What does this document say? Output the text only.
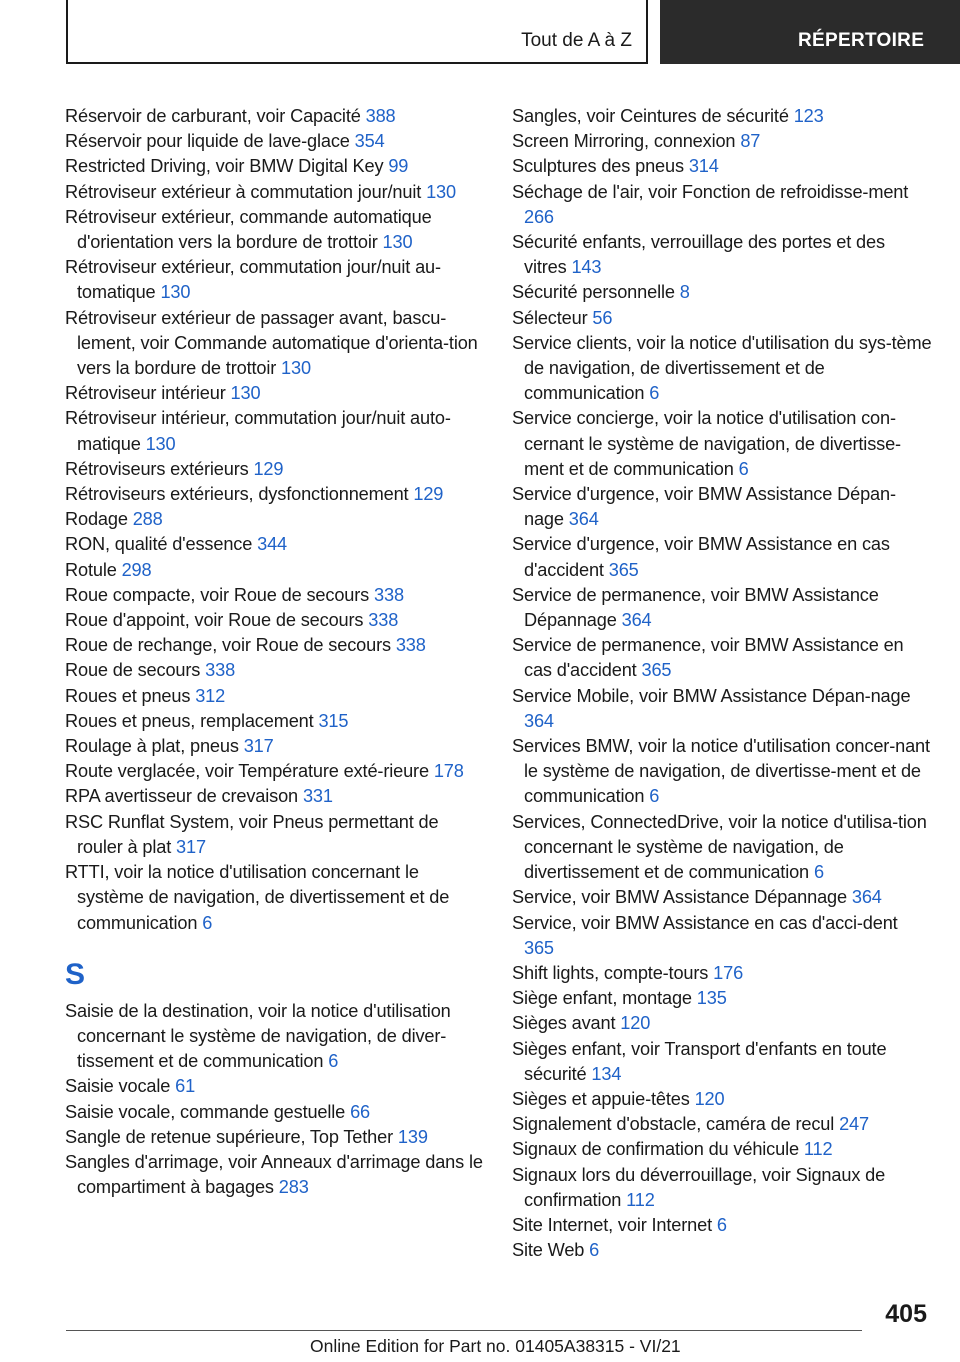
Tout de A à Z	RÉPERTOIRE
Réservoir de carburant, voir Capacité 388
Réservoir pour liquide de lave-glace 354
Restricted Driving, voir BMW Digital Key 99
Rétroviseur extérieur à commutation jour/nuit 130
Rétroviseur extérieur, commande automatique d'orientation vers la bordure de trottoir 130
Rétroviseur extérieur, commutation jour/nuit au-tomatique 130
Rétroviseur extérieur de passager avant, bascu-lement, voir Commande automatique d'orienta-tion vers la bordure de trottoir 130
Rétroviseur intérieur 130
Rétroviseur intérieur, commutation jour/nuit auto-matique 130
Rétroviseurs extérieurs 129
Rétroviseurs extérieurs, dysfonctionnement 129
Rodage 288
RON, qualité d'essence 344
Rotule 298
Roue compacte, voir Roue de secours 338
Roue d'appoint, voir Roue de secours 338
Roue de rechange, voir Roue de secours 338
Roue de secours 338
Roues et pneus 312
Roues et pneus, remplacement 315
Roulage à plat, pneus 317
Route verglacée, voir Température exté-rieure 178
RPA avertisseur de crevaison 331
RSC Runflat System, voir Pneus permettant de rouler à plat 317
RTTI, voir la notice d'utilisation concernant le système de navigation, de divertissement et de communication 6
S
Saisie de la destination, voir la notice d'utilisation concernant le système de navigation, de diver-tissement et de communication 6
Saisie vocale 61
Saisie vocale, commande gestuelle 66
Sangle de retenue supérieure, Top Tether 139
Sangles d'arrimage, voir Anneaux d'arrimage dans le compartiment à bagages 283
Sangles, voir Ceintures de sécurité 123
Screen Mirroring, connexion 87
Sculptures des pneus 314
Séchage de l'air, voir Fonction de refroidisse-ment 266
Sécurité enfants, verrouillage des portes et des vitres 143
Sécurité personnelle 8
Sélecteur 56
Service clients, voir la notice d'utilisation du sys-tème de navigation, de divertissement et de communication 6
Service concierge, voir la notice d'utilisation con-cernant le système de navigation, de divertisse-ment et de communication 6
Service d'urgence, voir BMW Assistance Dépan-nage 364
Service d'urgence, voir BMW Assistance en cas d'accident 365
Service de permanence, voir BMW Assistance Dépannage 364
Service de permanence, voir BMW Assistance en cas d'accident 365
Service Mobile, voir BMW Assistance Dépan-nage 364
Services BMW, voir la notice d'utilisation concer-nant le système de navigation, de divertisse-ment et de communication 6
Services, ConnectedDrive, voir la notice d'utilisa-tion concernant le système de navigation, de divertissement et de communication 6
Service, voir BMW Assistance Dépannage 364
Service, voir BMW Assistance en cas d'acci-dent 365
Shift lights, compte-tours 176
Siège enfant, montage 135
Sièges avant 120
Sièges enfant, voir Transport d'enfants en toute sécurité 134
Sièges et appuie-têtes 120
Signalement d'obstacle, caméra de recul 247
Signaux de confirmation du véhicule 112
Signaux lors du déverrouillage, voir Signaux de confirmation 112
Site Internet, voir Internet 6
Site Web 6
405
Online Edition for Part no. 01405A38315 - VI/21
